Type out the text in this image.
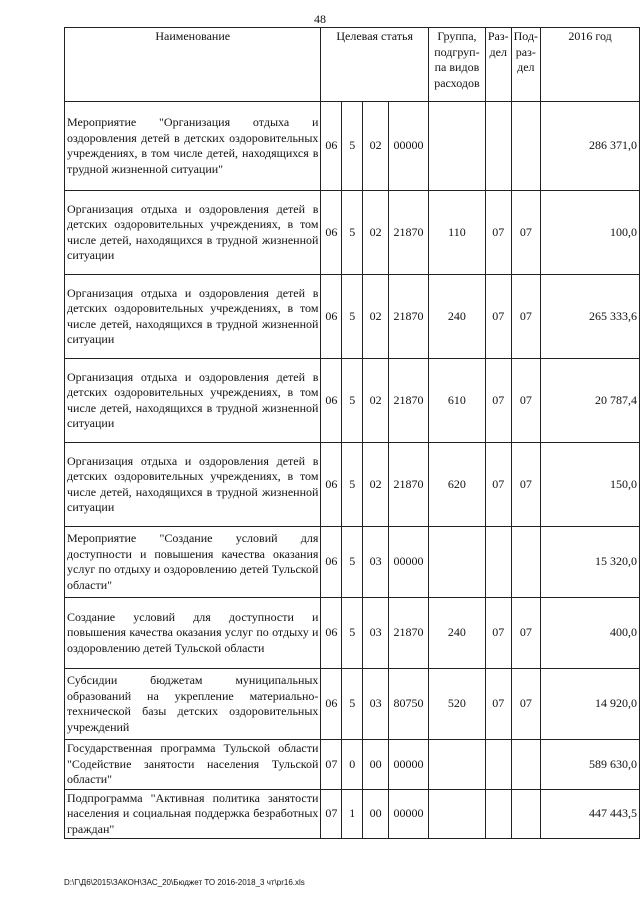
48
Наименование	Целевая статья				Группа, подгруп-па видов расходов	Раз-дел	Под-раз-дел	2016 год
Мероприятие "Организация отдыха и оздоровления детей в детских оздоровительных учреждениях, в том числе детей, находящихся в трудной жизненной ситуации"	06	5	02	00000				286 371,0
Организация отдыха и оздоровления детей в детских оздоровительных учреждениях, в том числе детей, находящихся в трудной жизненной ситуации	06	5	02	21870	110	07	07	100,0
Организация отдыха и оздоровления детей в детских оздоровительных учреждениях, в том числе детей, находящихся в трудной жизненной ситуации	06	5	02	21870	240	07	07	265 333,6
Организация отдыха и оздоровления детей в детских оздоровительных учреждениях, в том числе детей, находящихся в трудной жизненной ситуации	06	5	02	21870	610	07	07	20 787,4
Организация отдыха и оздоровления детей в детских оздоровительных учреждениях, в том числе детей, находящихся в трудной жизненной ситуации	06	5	02	21870	620	07	07	150,0
Мероприятие "Создание условий для доступности и повышения качества оказания услуг по отдыху и оздоровлению детей Тульской области"	06	5	03	00000				15 320,0
Создание условий для доступности и повышения качества оказания услуг по отдыху и оздоровлению детей Тульской области	06	5	03	21870	240	07	07	400,0
Субсидии бюджетам муниципальных образований на укрепление материально-технической базы детских оздоровительных учреждений	06	5	03	80750	520	07	07	14 920,0
Государственная программа Тульской области "Содействие занятости населения Тульской области"	07	0	00	00000				589 630,0
Подпрограмма "Активная политика занятости населения и социальная поддержка безработных граждан"	07	1	00	00000				447 443,5
D:\Г\Д6\2015\ЗАКОН\ЗАС_20\Бюджет ТО 2016-2018_3 чт\pr16.xls
